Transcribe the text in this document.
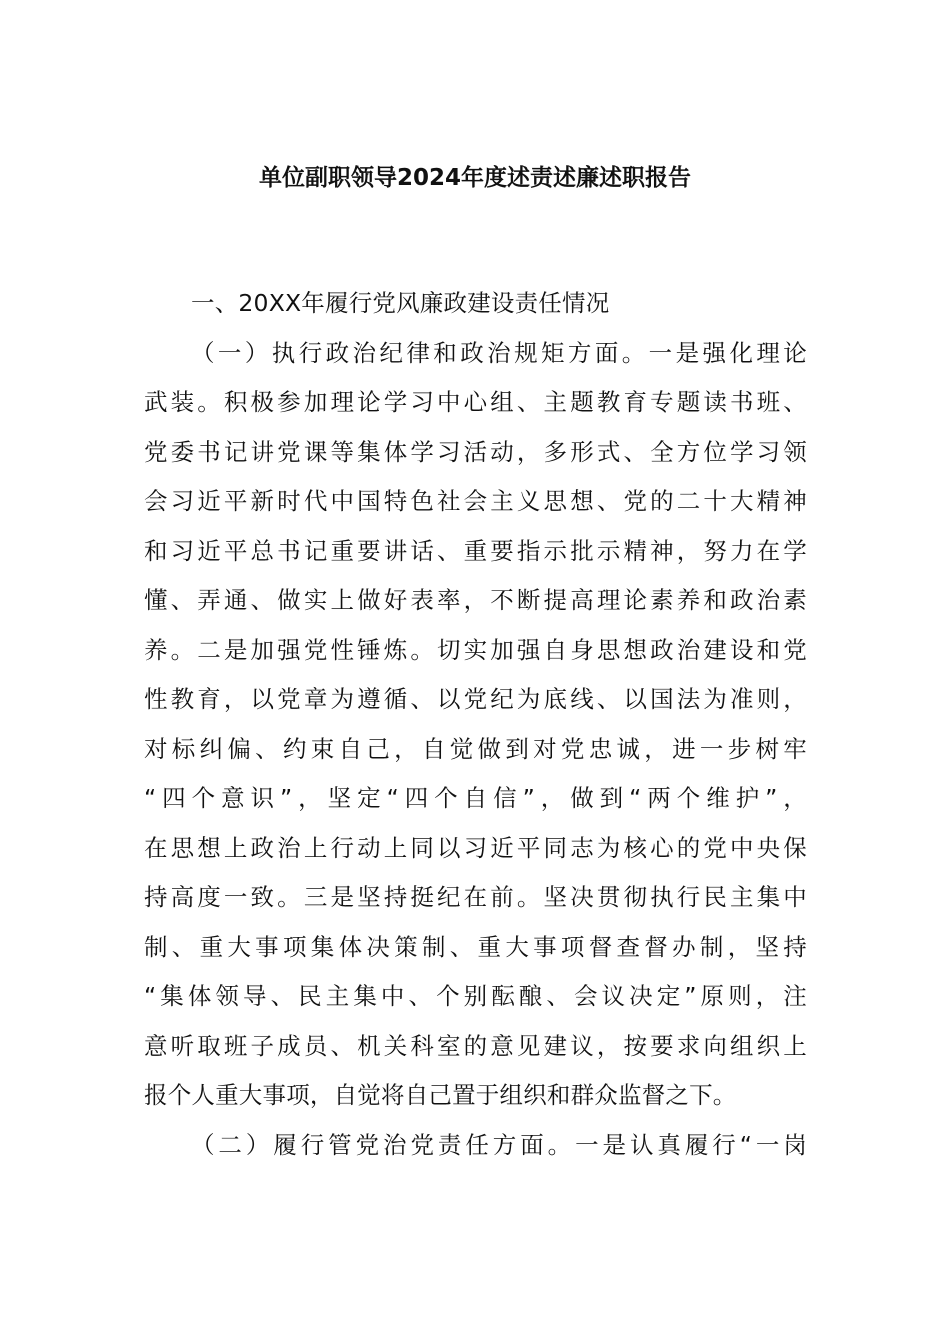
单位副职领导2024年度述责述廉述职报告
一、20XX年履行党风廉政建设责任情况
（一）执行政治纪律和政治规矩方面。一是强化理论
武装。积极参加理论学习中心组、主题教育专题读书班、
党委书记讲党课等集体学习活动，多形式、全方位学习领
会习近平新时代中国特色社会主义思想、党的二十大精神
和习近平总书记重要讲话、重要指示批示精神，努力在学
懂、弄通、做实上做好表率，不断提高理论素养和政治素
养。二是加强党性锤炼。切实加强自身思想政治建设和党
性教育，以党章为遵循、以党纪为底线、以国法为准则，
对标纠偏、约束自己，自觉做到对党忠诚，进一步树牢
“四个意识”，坚定“四个自信”，做到“两个维护”，
在思想上政治上行动上同以习近平同志为核心的党中央保
持高度一致。三是坚持挺纪在前。坚决贯彻执行民主集中
制、重大事项集体决策制、重大事项督查督办制，坚持
“集体领导、民主集中、个别酝酿、会议决定”原则，注
意听取班子成员、机关科室的意见建议，按要求向组织上
报个人重大事项，自觉将自己置于组织和群众监督之下。
（二）履行管党治党责任方面。一是认真履行“一岗
